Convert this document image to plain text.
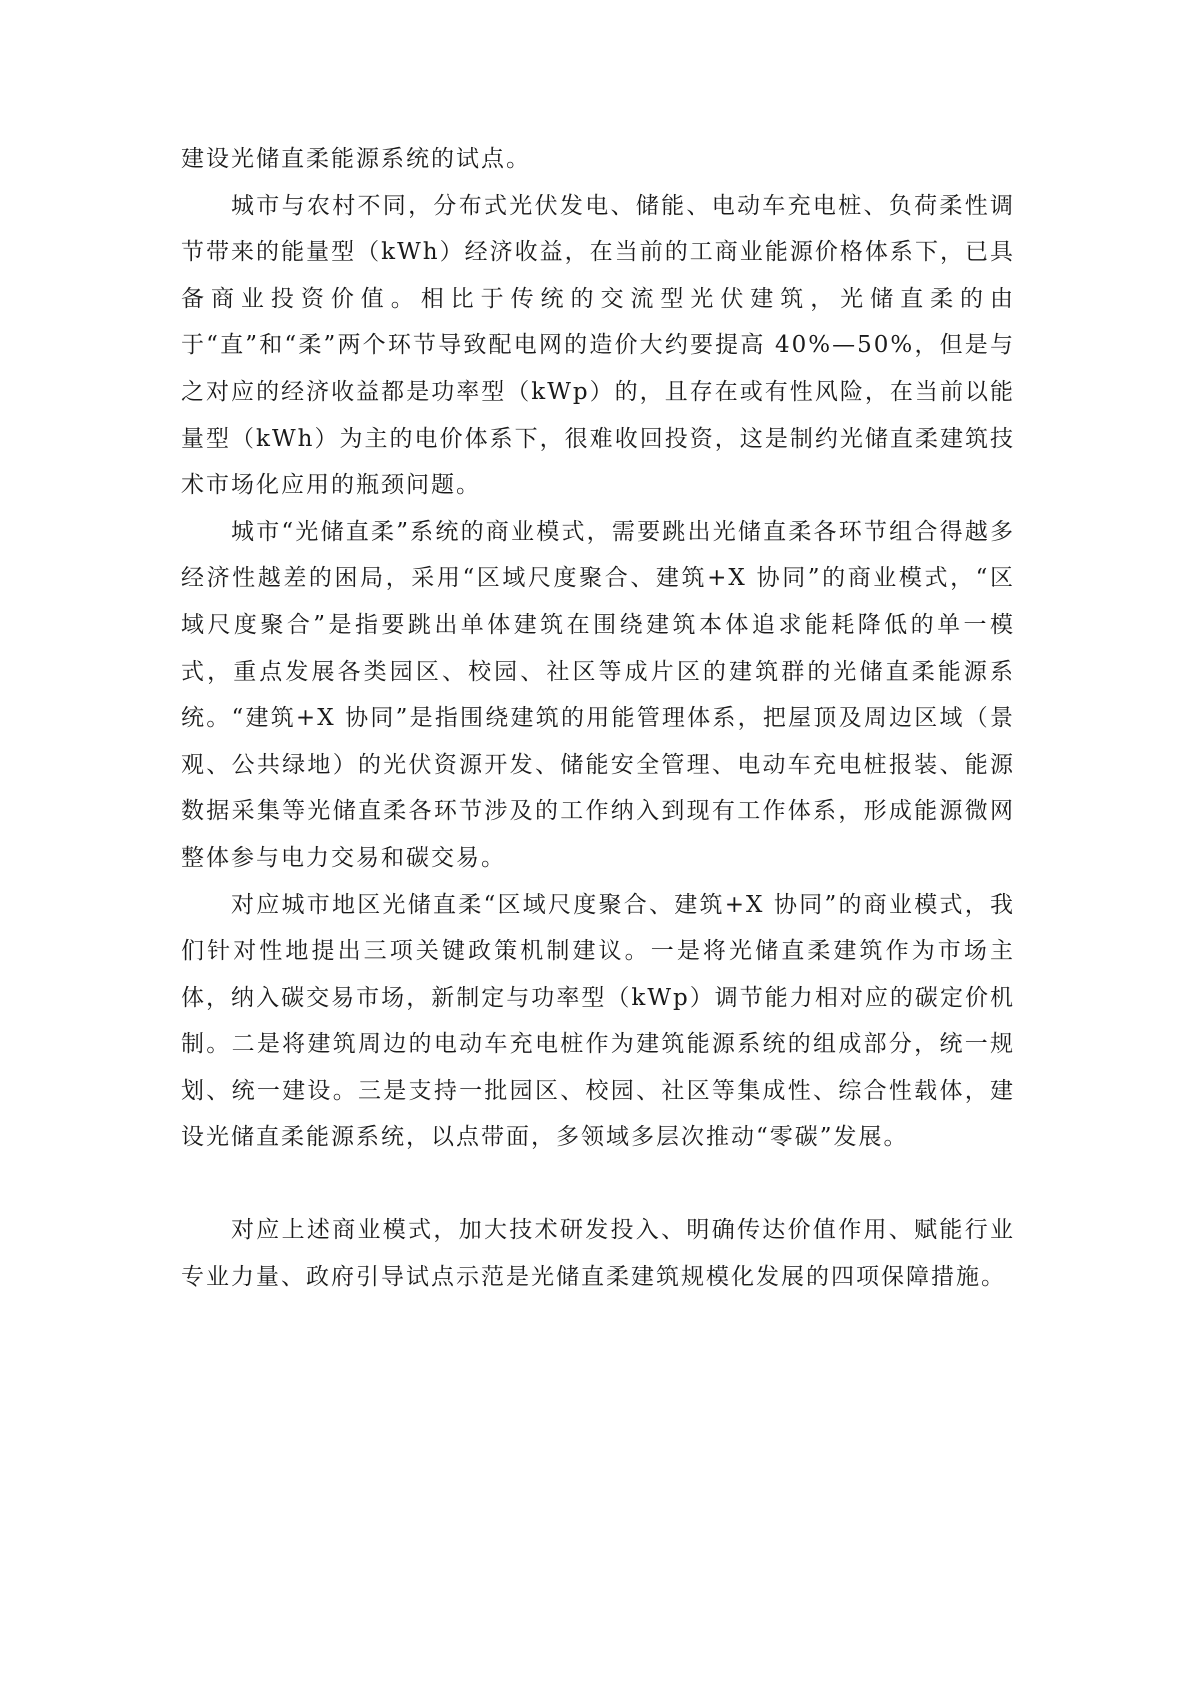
建设光储直柔能源系统的试点。

城市与农村不同，分布式光伏发电、储能、电动车充电桩、负荷柔性调节带来的能量型（kWh）经济收益，在当前的工商业能源价格体系下，已具备商业投资价值。相比于传统的交流型光伏建筑，光储直柔的由于“直”和“柔”两个环节导致配电网的造价大约要提高 40%—50%，但是与之对应的经济收益都是功率型（kWp）的，且存在或有性风险，在当前以能量型（kWh）为主的电价体系下，很难收回投资，这是制约光储直柔建筑技术市场化应用的瓶颈问题。

城市“光储直柔”系统的商业模式，需要跳出光储直柔各环节组合得越多经济性越差的困局，采用“区域尺度聚合、建筑+X 协同”的商业模式，“区域尺度聚合”是指要跳出单体建筑在围绕建筑本体追求能耗降低的单一模式，重点发展各类园区、校园、社区等成片区的建筑群的光储直柔能源系统。“建筑+X 协同”是指围绕建筑的用能管理体系，把屋顶及周边区域（景观、公共绿地）的光伏资源开发、储能安全管理、电动车充电桩报装、能源数据采集等光储直柔各环节涉及的工作纳入到现有工作体系，形成能源微网整体参与电力交易和碳交易。

对应城市地区光储直柔“区域尺度聚合、建筑+X 协同”的商业模式，我们针对性地提出三项关键政策机制建议。一是将光储直柔建筑作为市场主体，纳入碳交易市场，新制定与功率型（kWp）调节能力相对应的碳定价机制。二是将建筑周边的电动车充电桩作为建筑能源系统的组成部分，统一规划、统一建设。三是支持一批园区、校园、社区等集成性、综合性载体，建设光储直柔能源系统，以点带面，多领域多层次推动“零碳”发展。

对应上述商业模式，加大技术研发投入、明确传达价值作用、赋能行业专业力量、政府引导试点示范是光储直柔建筑规模化发展的四项保障措施。
